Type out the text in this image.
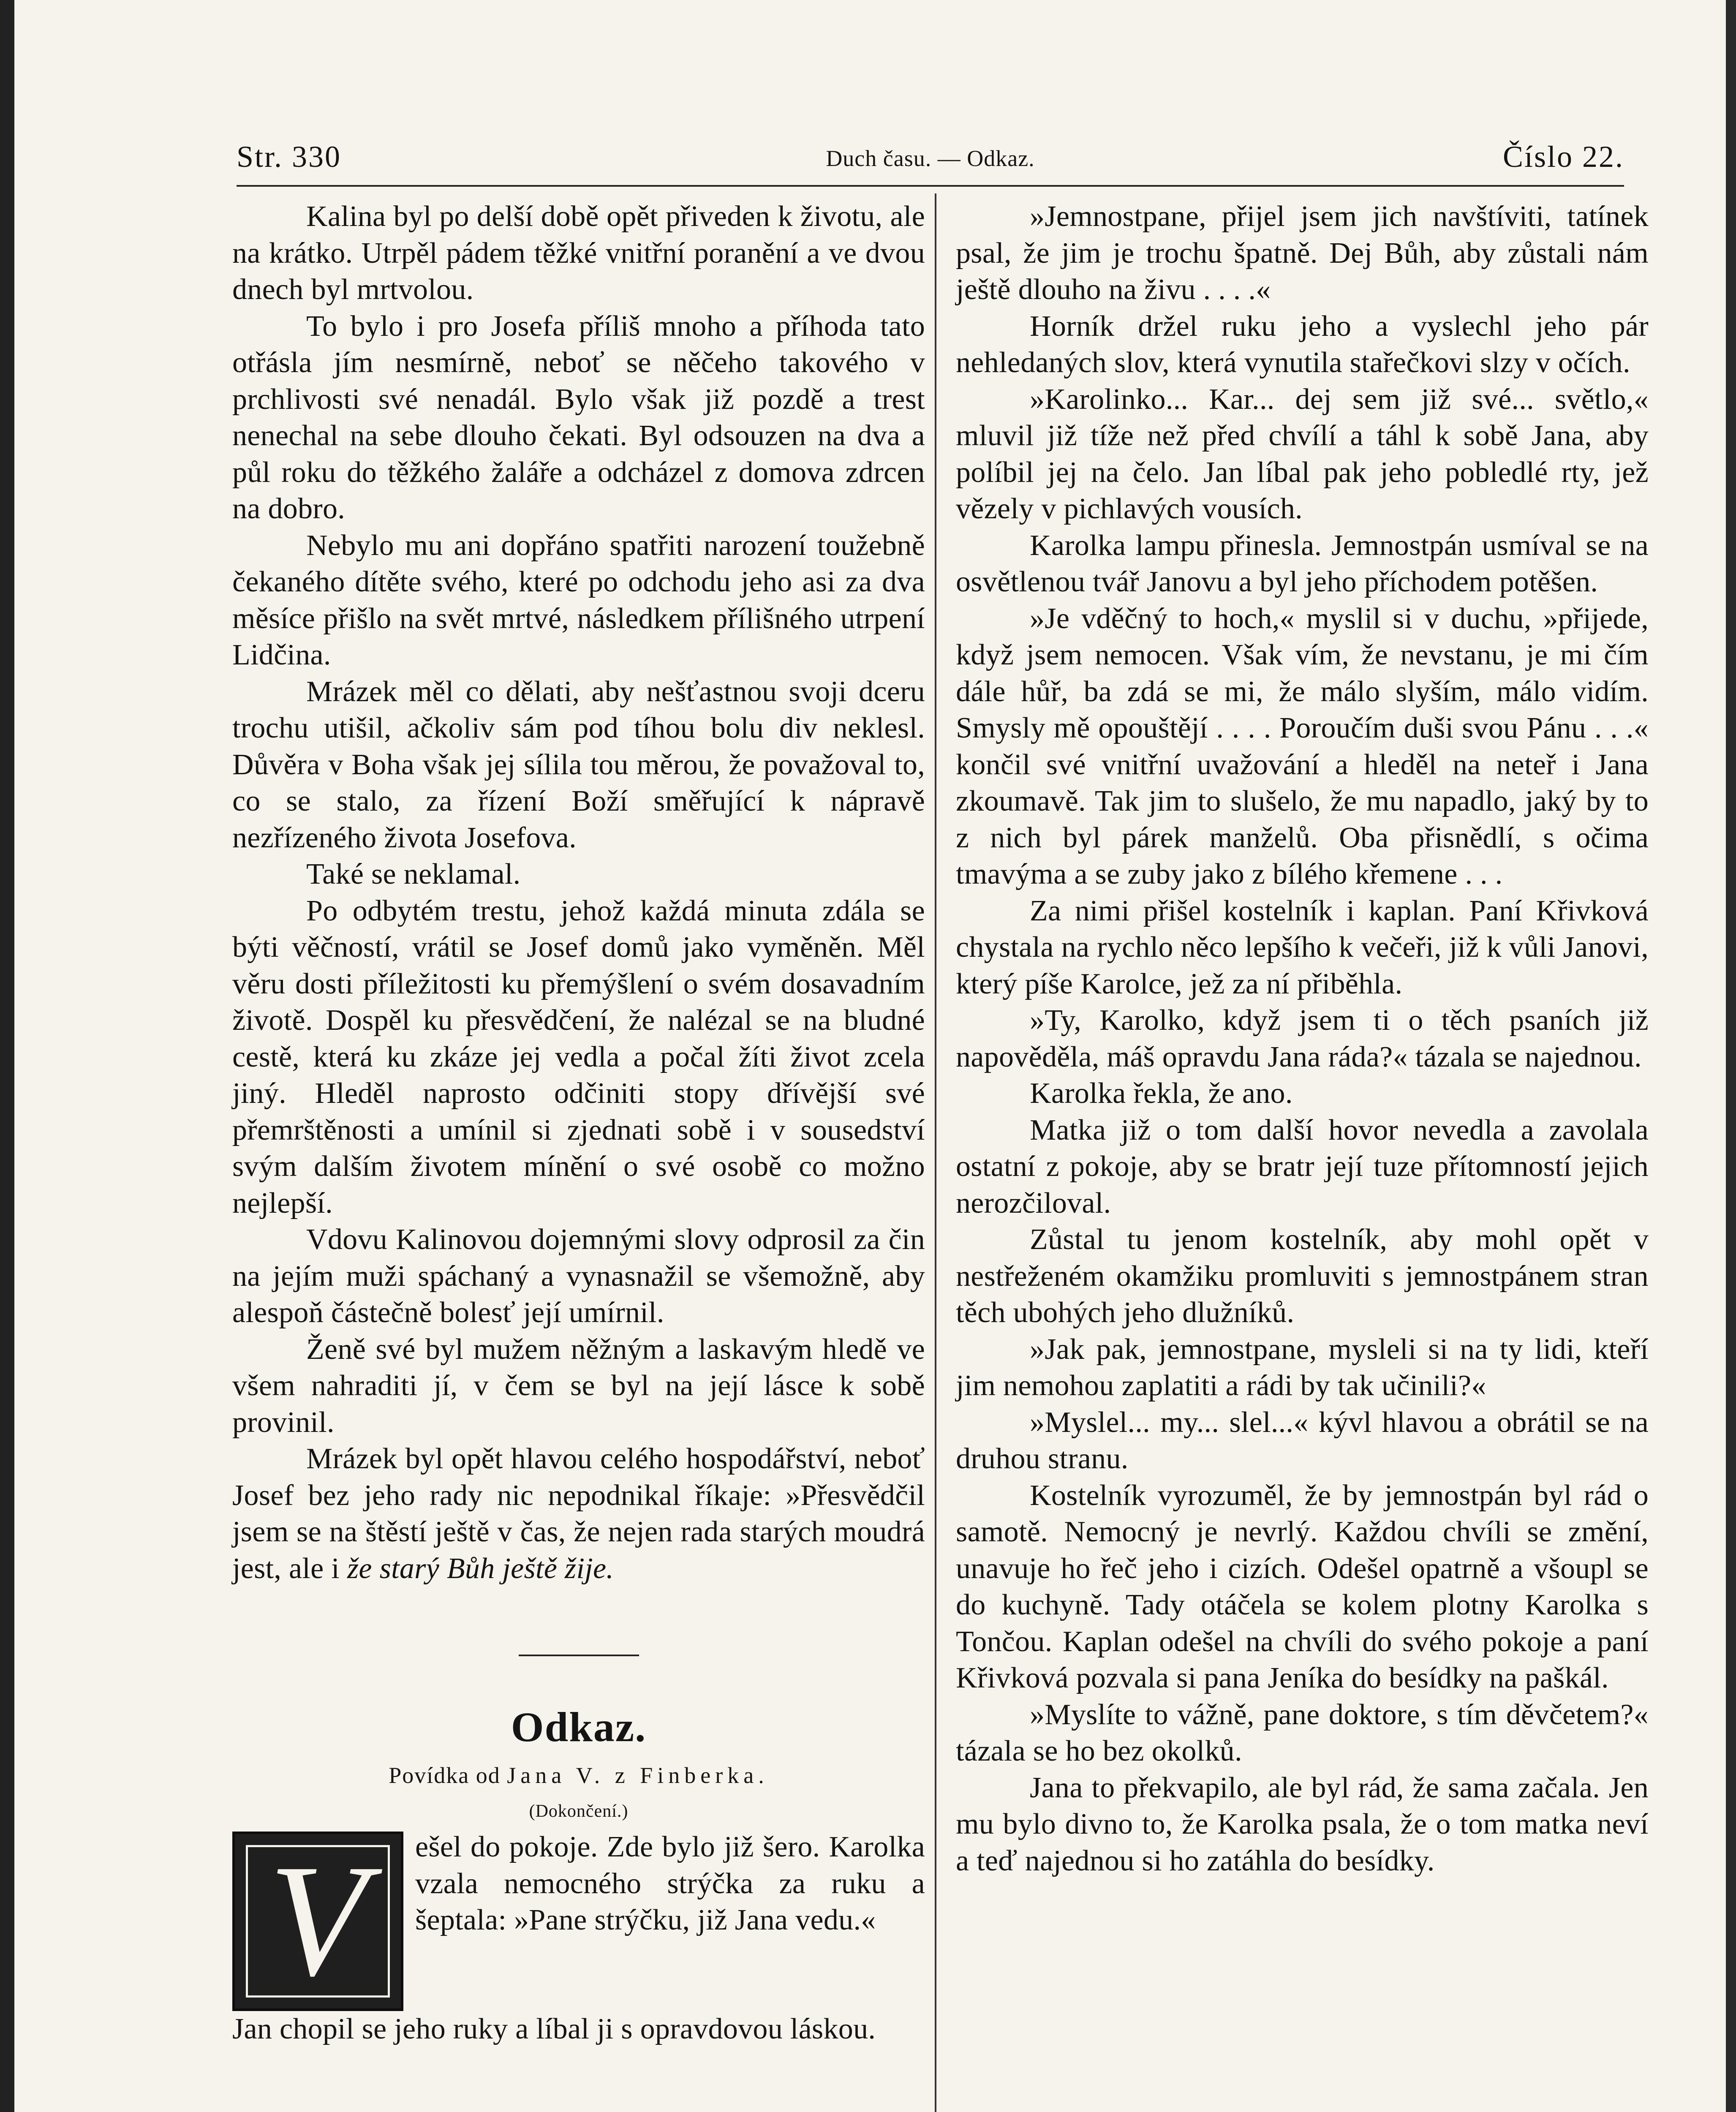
Str. 330	Duch času. — Odkaz.	Číslo 22.

Kalina byl po delší době opět přiveden k životu, ale na krátko. Utrpěl pádem těžké vnitřní poranění a ve dvou dnech byl mrtvolou.

To bylo i pro Josefa příliš mnoho a příhoda tato otřásla jím nesmírně, neboť se něčeho takového v prchlivosti své nenadál. Bylo však již pozdě a trest nenechal na sebe dlouho čekati. Byl odsouzen na dva a půl roku do těžkého žaláře a odcházel z domova zdrcen na dobro.

Nebylo mu ani dopřáno spatřiti narození toužebně čekaného dítěte svého, které po odchodu jeho asi za dva měsíce přišlo na svět mrtvé, následkem přílišného utrpení Lidčina.

Mrázek měl co dělati, aby nešťastnou svoji dceru trochu utišil, ačkoliv sám pod tíhou bolu div neklesl. Důvěra v Boha však jej sílila tou měrou, že považoval to, co se stalo, za řízení Boží směřující k nápravě nezřízeného života Josefova.

Také se neklamal.

Po odbytém trestu, jehož každá minuta zdála se býti věčností, vrátil se Josef domů jako vyměněn. Měl věru dosti příležitosti ku přemýšlení o svém dosavadním životě. Dospěl ku přesvědčení, že nalézal se na bludné cestě, která ku zkáze jej vedla a počal žíti život zcela jiný. Hleděl naprosto odčiniti stopy dřívější své přemrštěnosti a umínil si zjednati sobě i v sousedství svým dalším životem mínění o své osobě co možno nejlepší.

Vdovu Kalinovou dojemnými slovy odprosil za čin na jejím muži spáchaný a vynasnažil se všemožně, aby alespoň částečně bolesť její umírnil.

Ženě své byl mužem něžným a laskavým hledě ve všem nahraditi jí, v čem se byl na její lásce k sobě provinil.

Mrázek byl opět hlavou celého hospodářství, neboť Josef bez jeho rady nic nepodnikal říkaje: »Přesvědčil jsem se na štěstí ještě v čas, že nejen rada starých moudrá jest, ale i že starý Bůh ještě žije.

Odkaz.

Povídka od Jana V. z Finberka.

(Dokončení.)

V	ešel do pokoje. Zde bylo již šero. Karolka vzala nemocného strýčka za ruku a šeptala: »Pane strýčku, již Jana vedu.«

Jan chopil se jeho ruky a líbal ji s opravdovou láskou.

»Jemnostpane, přijel jsem jich navštíviti, tatínek psal, že jim je trochu špatně. Dej Bůh, aby zůstali nám ještě dlouho na živu . . . .«

Horník držel ruku jeho a vyslechl jeho pár nehledaných slov, která vynutila stařečkovi slzy v očích.

»Karolinko... Kar... dej sem již své... světlo,« mluvil již tíže než před chvílí a táhl k sobě Jana, aby políbil jej na čelo. Jan líbal pak jeho pobledlé rty, jež vězely v pichlavých vousích.

Karolka lampu přinesla. Jemnostpán usmíval se na osvětlenou tvář Janovu a byl jeho příchodem potěšen.

»Je vděčný to hoch,« myslil si v duchu, »přijede, když jsem nemocen. Však vím, že nevstanu, je mi čím dále hůř, ba zdá se mi, že málo slyším, málo vidím. Smysly mě opouštějí . . . . Poroučím duši svou Pánu . . .« končil své vnitřní uvažování a hleděl na neteř i Jana zkoumavě. Tak jim to slušelo, že mu napadlo, jaký by to z nich byl párek manželů. Oba přisnědlí, s očima tmavýma a se zuby jako z bílého křemene . . .

Za nimi přišel kostelník i kaplan. Paní Křivková chystala na rychlo něco lepšího k večeři, již k vůli Janovi, který píše Karolce, jež za ní přiběhla.

»Ty, Karolko, když jsem ti o těch psaních již napověděla, máš opravdu Jana ráda?« tázala se najednou.

Karolka řekla, že ano.

Matka již o tom další hovor nevedla a zavolala ostatní z pokoje, aby se bratr její tuze přítomností jejich nerozčiloval.

Zůstal tu jenom kostelník, aby mohl opět v nestřeženém okamžiku promluviti s jemnostpánem stran těch ubohých jeho dlužníků.

»Jak pak, jemnostpane, mysleli si na ty lidi, kteří jim nemohou zaplatiti a rádi by tak učinili?«

»Myslel... my... slel...« kývl hlavou a obrátil se na druhou stranu.

Kostelník vyrozuměl, že by jemnostpán byl rád o samotě. Nemocný je nevrlý. Každou chvíli se změní, unavuje ho řeč jeho i cizích. Odešel opatrně a všoupl se do kuchyně. Tady otáčela se kolem plotny Karolka s Tončou. Kaplan odešel na chvíli do svého pokoje a paní Křivková pozvala si pana Jeníka do besídky na paškál.

»Myslíte to vážně, pane doktore, s tím děvčetem?« tázala se ho bez okolků.

Jana to překvapilo, ale byl rád, že sama začala. Jen mu bylo divno to, že Karolka psala, že o tom matka neví a teď najednou si ho zatáhla do besídky.
